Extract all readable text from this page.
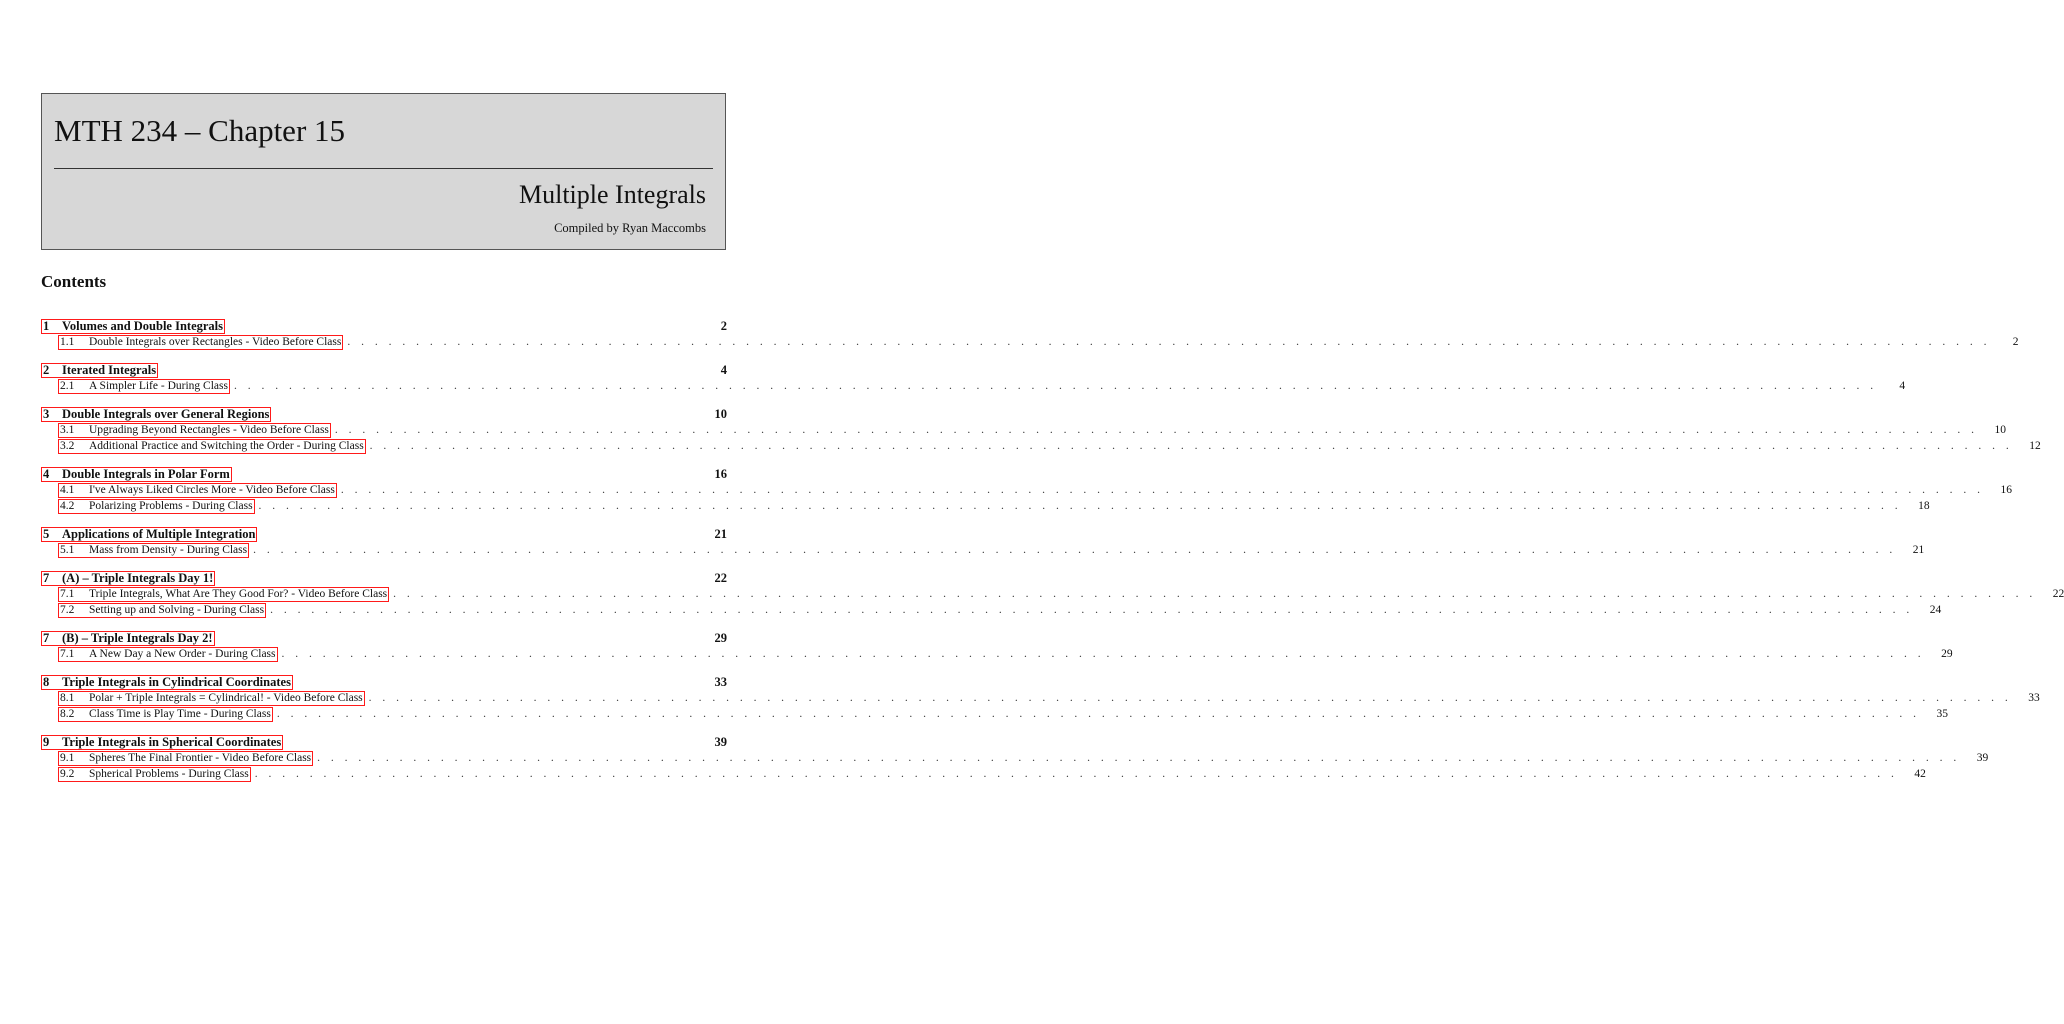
MTH 234 – Chapter 15
Multiple Integrals
Compiled by Ryan Maccombs
Contents
1	Volumes and Double Integrals	2
1.1	Double Integrals over Rectangles - Video Before Class . . . . . . . . . . . . . . . . . . . . . . . . . . . . . . . . . . . . . . . . . . . . . . . . . . . . . . . . . . . . . . . . . . . . . . . . . . . . . . . . . . . . . . . . . . . . . . . . . . . . . . . . . . . . . . . . . . . . . . . .	2
2	Iterated Integrals	4
2.1	A Simpler Life - During Class . . . . . . . . . . . . . . . . . . . . . . . . . . . . . . . . . . . . . . . . . . . . . . . . . . . . . . . . . . . . . . . . . . . . . . . . . . . . . . . . . . . . . . . . . . . . . . . . . . . . . . . . . . . . . . . . . . . . . . . .	4
3	Double Integrals over General Regions	10
3.1	Upgrading Beyond Rectangles - Video Before Class . . . . . . . . . . . . . . . . . . . . . . . . . . . . . . . . . . . . . . . . . . . . . . . . . . . . . . . . . . . . . . . . . . . . . . . . . . . . . . . . . . . . . . . . . . . . . . . . . . . . . . . . . . . . . . . . . . . . . . . .	10
3.2	Additional Practice and Switching the Order - During Class . . . . . . . . . . . . . . . . . . . . . . . . . . . . . . . . . . . . . . . . . . . . . . . . . . . . . . . . . . . . . . . . . . . . . . . . . . . . . . . . . . . . . . . . . . . . . . . . . . . . . . . . . . . . . . . . . . . . . . . .	12
4	Double Integrals in Polar Form	16
4.1	I've Always Liked Circles More - Video Before Class . . . . . . . . . . . . . . . . . . . . . . . . . . . . . . . . . . . . . . . . . . . . . . . . . . . . . . . . . . . . . . . . . . . . . . . . . . . . . . . . . . . . . . . . . . . . . . . . . . . . . . . . . . . . . . . . . . . . . . . .	16
4.2	Polarizing Problems - During Class . . . . . . . . . . . . . . . . . . . . . . . . . . . . . . . . . . . . . . . . . . . . . . . . . . . . . . . . . . . . . . . . . . . . . . . . . . . . . . . . . . . . . . . . . . . . . . . . . . . . . . . . . . . . . . . . . . . . . . . .	18
5	Applications of Multiple Integration	21
5.1	Mass from Density - During Class . . . . . . . . . . . . . . . . . . . . . . . . . . . . . . . . . . . . . . . . . . . . . . . . . . . . . . . . . . . . . . . . . . . . . . . . . . . . . . . . . . . . . . . . . . . . . . . . . . . . . . . . . . . . . . . . . . . . . . . .	21
7	(A) – Triple Integrals Day 1!	22
7.1	Triple Integrals, What Are They Good For? - Video Before Class . . . . . . . . . . . . . . . . . . . . . . . . . . . . . . . . . . . . . . . . . . . . . . . . . . . . . . . . . . . . . . . . . . . . . . . . . . . . . . . . . . . . . . . . . . . . . . . . . . . . . . . . . . . . . . . . . . . . . . . .	22
7.2	Setting up and Solving - During Class . . . . . . . . . . . . . . . . . . . . . . . . . . . . . . . . . . . . . . . . . . . . . . . . . . . . . . . . . . . . . . . . . . . . . . . . . . . . . . . . . . . . . . . . . . . . . . . . . . . . . . . . . . . . . . . . . . . . . . . .	24
7	(B) – Triple Integrals Day 2!	29
7.1	A New Day a New Order - During Class . . . . . . . . . . . . . . . . . . . . . . . . . . . . . . . . . . . . . . . . . . . . . . . . . . . . . . . . . . . . . . . . . . . . . . . . . . . . . . . . . . . . . . . . . . . . . . . . . . . . . . . . . . . . . . . . . . . . . . . .	29
8	Triple Integrals in Cylindrical Coordinates	33
8.1	Polar + Triple Integrals = Cylindrical! - Video Before Class . . . . . . . . . . . . . . . . . . . . . . . . . . . . . . . . . . . . . . . . . . . . . . . . . . . . . . . . . . . . . . . . . . . . . . . . . . . . . . . . . . . . . . . . . . . . . . . . . . . . . . . . . . . . . . . . . . . . . . . .	33
8.2	Class Time is Play Time - During Class . . . . . . . . . . . . . . . . . . . . . . . . . . . . . . . . . . . . . . . . . . . . . . . . . . . . . . . . . . . . . . . . . . . . . . . . . . . . . . . . . . . . . . . . . . . . . . . . . . . . . . . . . . . . . . . . . . . . . . . .	35
9	Triple Integrals in Spherical Coordinates	39
9.1	Spheres The Final Frontier - Video Before Class . . . . . . . . . . . . . . . . . . . . . . . . . . . . . . . . . . . . . . . . . . . . . . . . . . . . . . . . . . . . . . . . . . . . . . . . . . . . . . . . . . . . . . . . . . . . . . . . . . . . . . . . . . . . . . . . . . . . . . . .	39
9.2	Spherical Problems - During Class . . . . . . . . . . . . . . . . . . . . . . . . . . . . . . . . . . . . . . . . . . . . . . . . . . . . . . . . . . . . . . . . . . . . . . . . . . . . . . . . . . . . . . . . . . . . . . . . . . . . . . . . . . . . . . . . . . . . . . . .	42
